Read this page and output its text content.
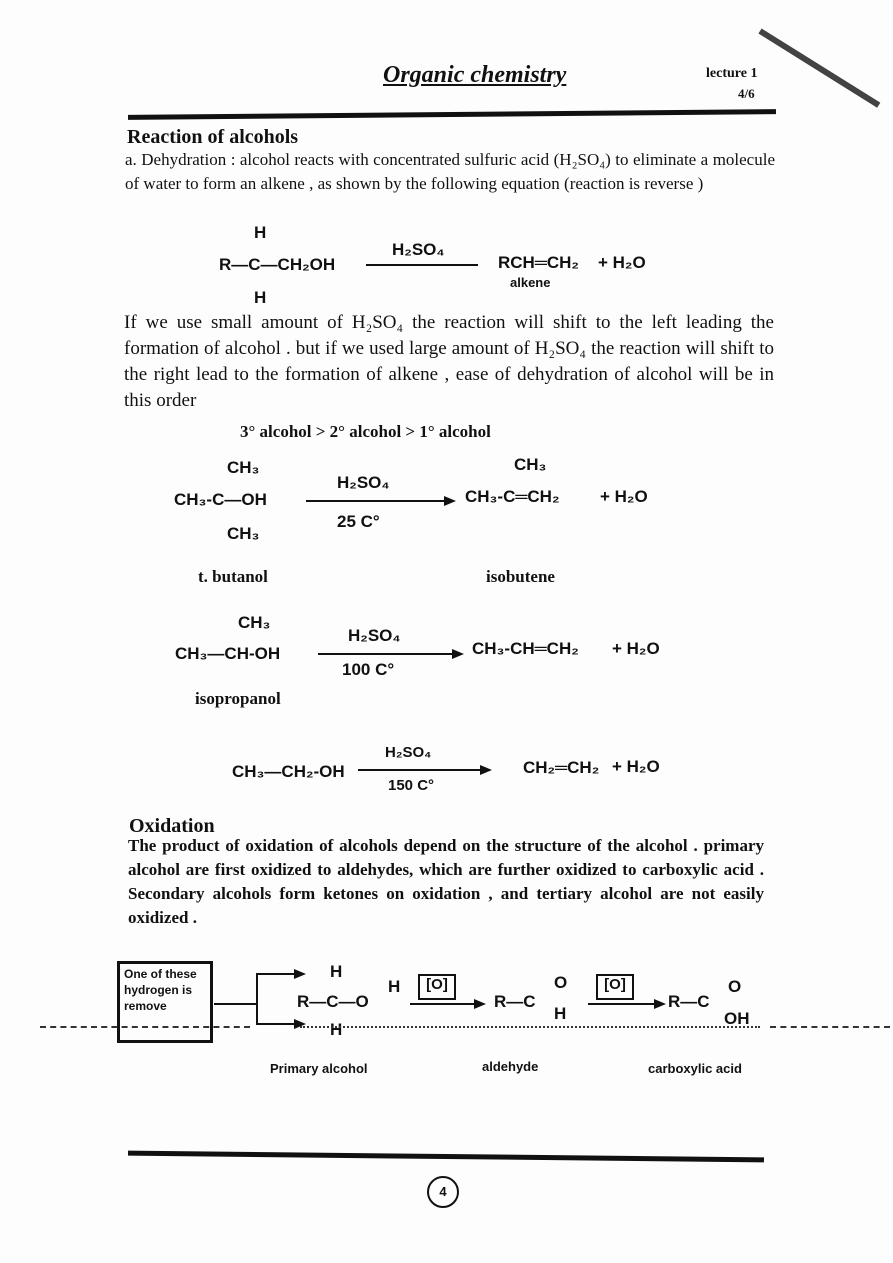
Organic chemistry	lecture 1
4/6
Reaction of alcohols
a. Dehydration : alcohol reacts with concentrated sulfuric acid (H₂SO₄) to eliminate a molecule of water to form an alkene , as shown by the following equation (reaction is reverse )
H
R—C—CH₂OH
H
H₂SO₄
RCH═CH₂
alkene
+ H₂O
If we use small amount of H₂SO₄ the reaction will shift to the left leading the formation of alcohol . but if we used large amount of H₂SO₄ the reaction will shift to the right lead to the formation of alkene , ease of dehydration of alcohol will be in this order
3° alcohol > 2° alcohol > 1° alcohol
CH₃
CH₃-C—OH
CH₃
H₂SO₄
25 C°
CH₃
CH₃-C═CH₂ + H₂O
t. butanol	isobutene
CH₃
CH₃—CH-OH
H₂SO₄
100 C°
CH₃-CH═CH₂ + H₂O
isopropanol
CH₃—CH₂-OH
H₂SO₄
150 C°
CH₂═CH₂ + H₂O
Oxidation
The product of oxidation of alcohols depend on the structure of the alcohol . primary alcohol are first oxidized to aldehydes, which are further oxidized to carboxylic acid . Secondary alcohols form ketones on oxidation , and tertiary alcohol are not easily oxidized .
One of these hydrogen is remove
H
R—C—O
H
H
[O]
R—C
O
H
[O]
R—C
O
OH
Primary alcohol	aldehyde	carboxylic acid
4
